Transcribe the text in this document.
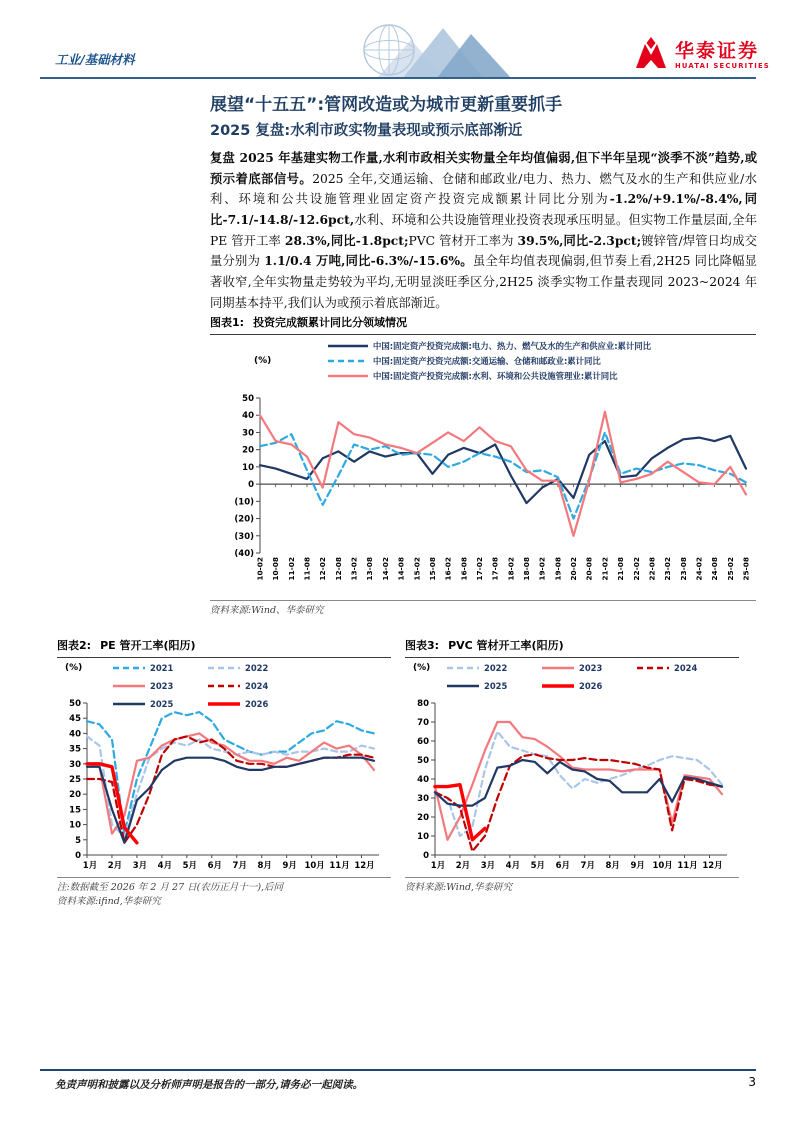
工业/基础材料	华泰证券
HUATAI SECURITIES
展望“十五五”:管网改造或为城市更新重要抓手
2025 复盘:水利市政实物量表现或预示底部渐近
复盘 2025 年基建实物工作量,水利市政相关实物量全年均值偏弱,但下半年呈现“淡季不淡”趋势,或预示着底部信号。2025 全年,交通运输、仓储和邮政业/电力、热力、燃气及水的生产和供应业/水利、环境和公共设施管理业固定资产投资完成额累计同比分别为-1.2%/+9.1%/-8.4%,同比-7.1/-14.8/-12.6pct,水利、环境和公共设施管理业投资表现承压明显。但实物工作量层面,全年 PE 管开工率 28.3%,同比-1.8pct;PVC 管材开工率为 39.5%,同比-2.3pct;镀锌管/焊管日均成交量分别为 1.1/0.4 万吨,同比-6.3%/-15.6%。虽全年均值表现偏弱,但节奏上看,2H25 同比降幅显著收窄,全年实物量走势较为平均,无明显淡旺季区分,2H25 淡季实物工作量表现同 2023~2024 年同期基本持平,我们认为或预示着底部渐近。
图表1: 投资完成额累计同比分领域情况
中国:固定资产投资完成额:电力、热力、燃气及水的生产和供应业:累计同比
中国:固定资产投资完成额:交通运输、仓储和邮政业:累计同比
中国:固定资产投资完成额:水利、环境和公共设施管理业:累计同比
(%)
50
40
30
20
10
0
(10)
(20)
(30)
(40)
10-02 10-08 11-02 11-08 12-02 12-08 13-02 13-08 14-02 14-08 15-02 15-08 16-02 16-08 17-02 17-08 18-02 18-08 19-02 19-08 20-02 20-08 21-02 21-08 22-02 22-08 23-02 23-08 24-02 24-08 25-02 25-08
资料来源:Wind、华泰研究
图表2: PE 管开工率(阳历)
(%)	2021	2022
2023	2024
2025	2026
50
45
40
35
30
25
20
15
10
5
0
1月 2月 3月 4月 5月 6月 7月 8月 9月 10月 11月 12月
注:数据截至 2026 年 2 月 27 日(农历正月十一),后同
资料来源:ifind,华泰研究
图表3: PVC 管材开工率(阳历)
(%)	2022	2023	2024
2025	2026
80
70
60
50
40
30
20
10
0
1月 2月 3月 4月 5月 6月 7月 8月 9月 10月 11月 12月
资料来源:Wind,华泰研究
免责声明和披露以及分析师声明是报告的一部分,请务必一起阅读。	3
